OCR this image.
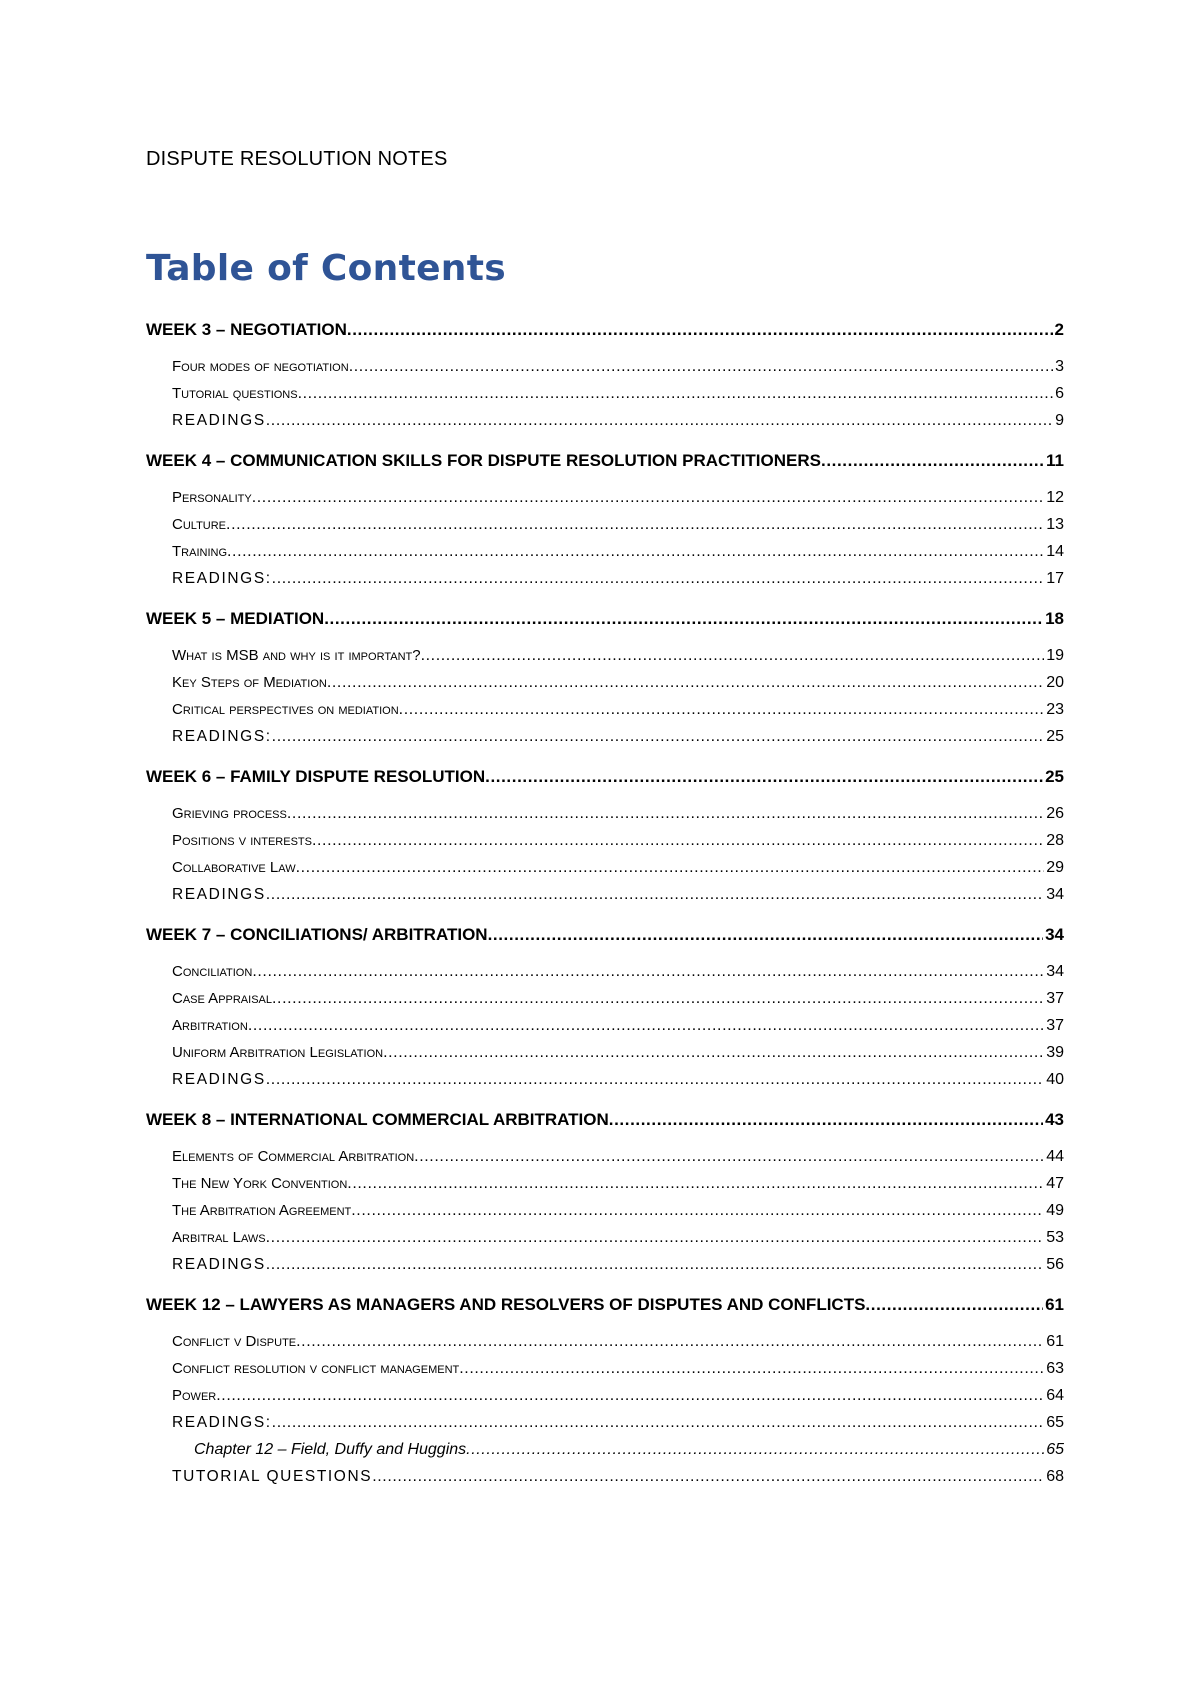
DISPUTE RESOLUTION NOTES
Table of Contents
WEEK 3 – NEGOTIATION .....	2
Four modes of negotiation .....	3
Tutorial questions .....	6
READINGS .....	9
WEEK 4 – COMMUNICATION SKILLS FOR DISPUTE RESOLUTION PRACTITIONERS .....	11
Personality .....	12
Culture .....	13
Training .....	14
READINGS: .....	17
WEEK 5 – MEDIATION .....	18
What is MSB and why is it important? .....	19
Key Steps of Mediation .....	20
Critical perspectives on mediation .....	23
READINGS: .....	25
WEEK 6 – FAMILY DISPUTE RESOLUTION .....	25
Grieving process .....	26
Positions v interests .....	28
Collaborative Law .....	29
READINGS .....	34
WEEK 7 – CONCILIATIONS/ ARBITRATION .....	34
Conciliation .....	34
Case Appraisal .....	37
Arbitration .....	37
Uniform Arbitration Legislation .....	39
READINGS .....	40
WEEK 8 – INTERNATIONAL COMMERCIAL ARBITRATION .....	43
Elements of Commercial Arbitration .....	44
The New York Convention .....	47
The Arbitration Agreement .....	49
Arbitral Laws .....	53
READINGS .....	56
WEEK 12 – LAWYERS AS MANAGERS AND RESOLVERS OF DISPUTES AND CONFLICTS .....	61
Conflict v Dispute .....	61
Conflict resolution v conflict management .....	63
Power .....	64
READINGS: .....	65
Chapter 12 – Field, Duffy and Huggins .....	65
TUTORIAL QUESTIONS .....	68
